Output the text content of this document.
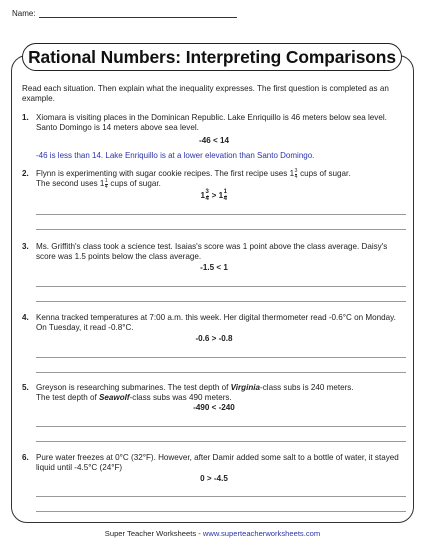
Name:
Rational Numbers: Interpreting Comparisons
Read each situation. Then explain what the inequality expresses. The first question is completed as an example.
1. Xiomara is visiting places in the Dominican Republic. Lake Enriquillo is 46 meters below sea level. Santo Domingo is 14 meters above sea level.
-46 < 14
-46 is less than 14. Lake Enriquillo is at a lower elevation than Santo Domingo.
2. Flynn is experimenting with sugar cookie recipes. The first recipe uses $1 \frac{3}{4}$ cups of sugar.
The second uses $1 \frac{1}{4}$ cups of sugar.
$1 \frac{3}{4} > 1 \frac{1}{4}$
3. Ms. Griffith's class took a science test. Isaias's score was 1 point above the class average. Daisy's score was 1.5 points below the class average.
-1.5 < 1
4. Kenna tracked temperatures at 7:00 a.m. this week. Her digital thermometer read -0.6°C on Monday. On Tuesday, it read -0.8°C.
-0.6 > -0.8
5. Greyson is researching submarines. The test depth of Virginia-class subs is 240 meters.
The test depth of Seawolf-class subs was 490 meters.
-490 < -240
6. Pure water freezes at 0°C (32°F). However, after Damir added some salt to a bottle of water, it stayed liquid until -4.5°C (24°F)
0 > -4.5
Super Teacher Worksheets - www.superteacherworksheets.com
